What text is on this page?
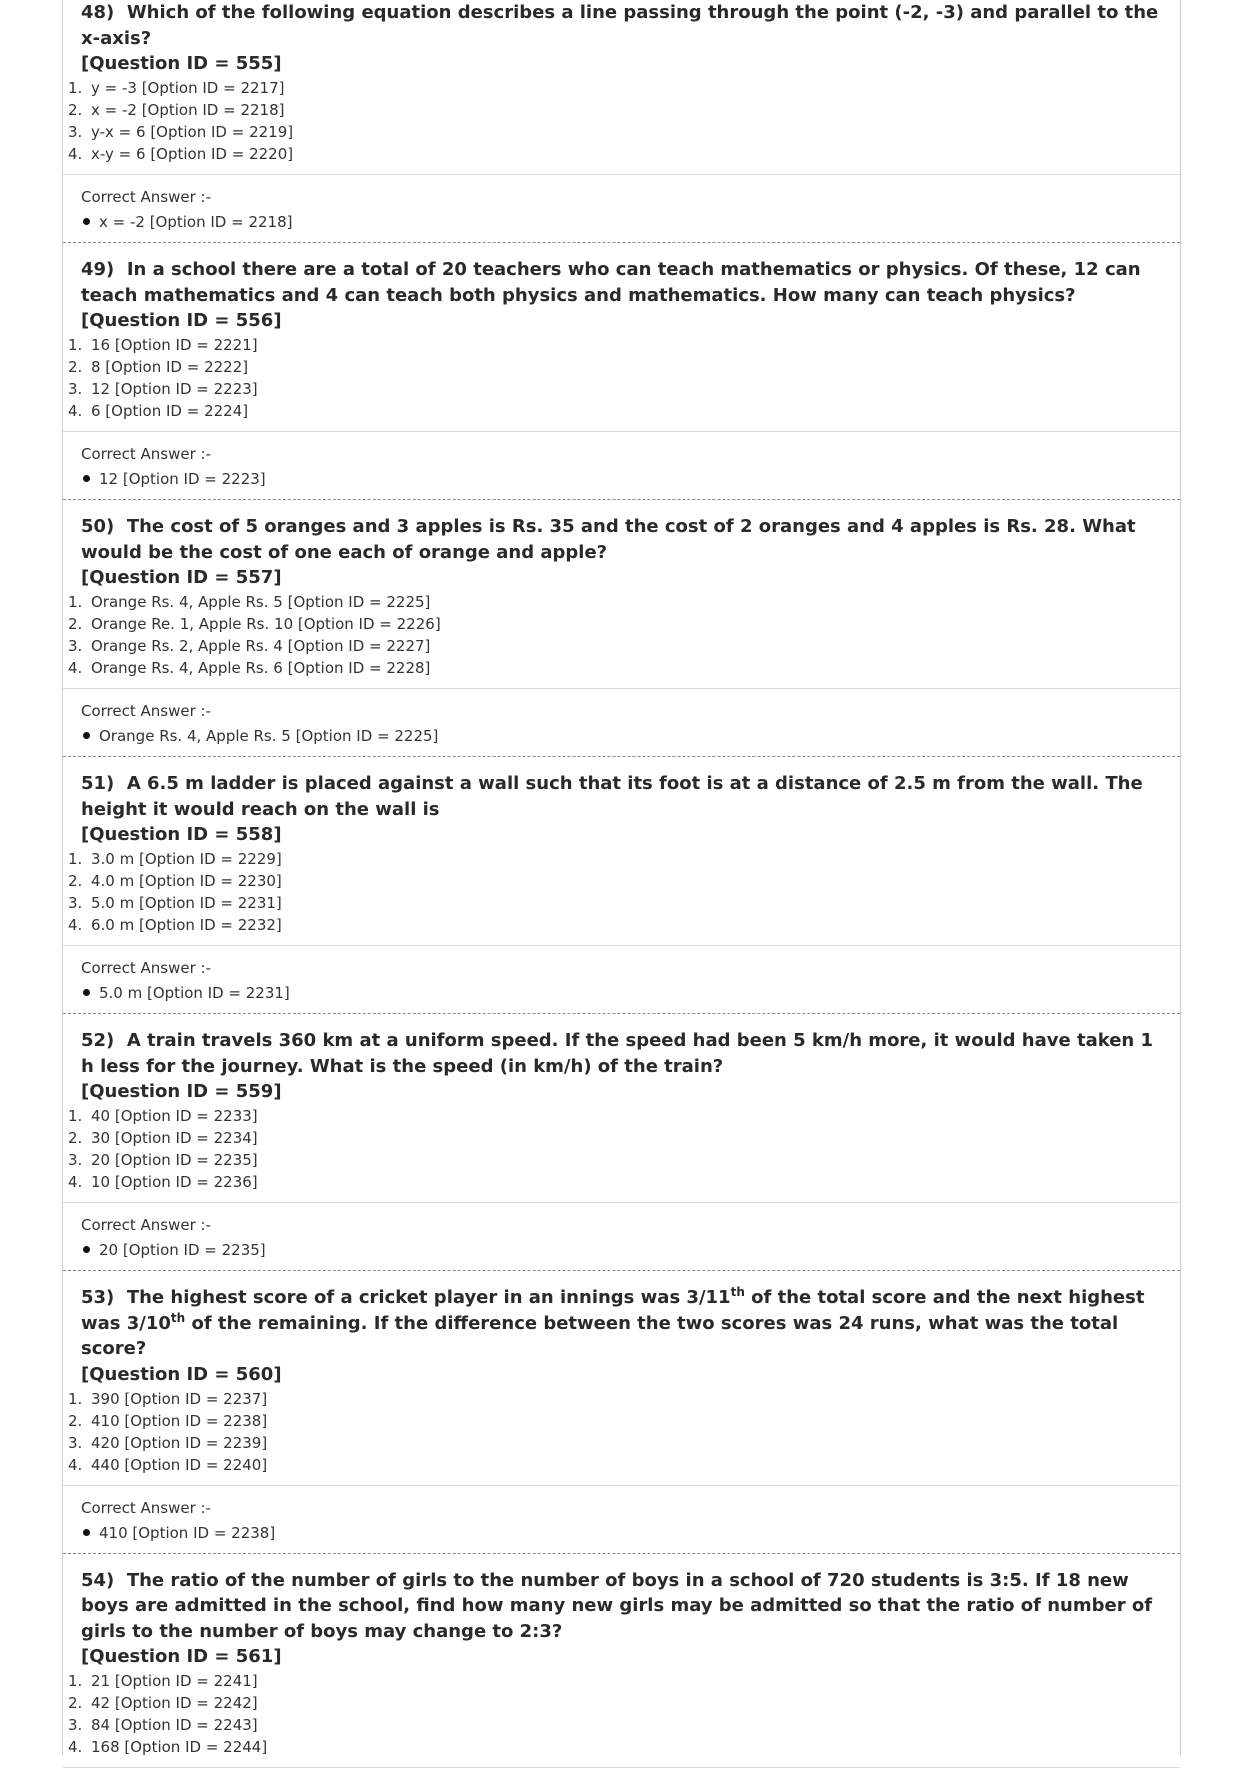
48) Which of the following equation describes a line passing through the point (-2, -3) and parallel to the x-axis?
[Question ID = 555]
1. y = -3 [Option ID = 2217]
2. x = -2 [Option ID = 2218]
3. y-x = 6 [Option ID = 2219]
4. x-y = 6 [Option ID = 2220]
Correct Answer :-
x = -2 [Option ID = 2218]
49) In a school there are a total of 20 teachers who can teach mathematics or physics. Of these, 12 can teach mathematics and 4 can teach both physics and mathematics. How many can teach physics?
[Question ID = 556]
1. 16 [Option ID = 2221]
2. 8 [Option ID = 2222]
3. 12 [Option ID = 2223]
4. 6 [Option ID = 2224]
Correct Answer :-
12 [Option ID = 2223]
50) The cost of 5 oranges and 3 apples is Rs. 35 and the cost of 2 oranges and 4 apples is Rs. 28. What would be the cost of one each of orange and apple?
[Question ID = 557]
1. Orange Rs. 4, Apple Rs. 5 [Option ID = 2225]
2. Orange Re. 1, Apple Rs. 10 [Option ID = 2226]
3. Orange Rs. 2, Apple Rs. 4 [Option ID = 2227]
4. Orange Rs. 4, Apple Rs. 6 [Option ID = 2228]
Correct Answer :-
Orange Rs. 4, Apple Rs. 5 [Option ID = 2225]
51) A 6.5 m ladder is placed against a wall such that its foot is at a distance of 2.5 m from the wall. The height it would reach on the wall is
[Question ID = 558]
1. 3.0 m [Option ID = 2229]
2. 4.0 m [Option ID = 2230]
3. 5.0 m [Option ID = 2231]
4. 6.0 m [Option ID = 2232]
Correct Answer :-
5.0 m [Option ID = 2231]
52) A train travels 360 km at a uniform speed. If the speed had been 5 km/h more, it would have taken 1 h less for the journey. What is the speed (in km/h) of the train?
[Question ID = 559]
1. 40 [Option ID = 2233]
2. 30 [Option ID = 2234]
3. 20 [Option ID = 2235]
4. 10 [Option ID = 2236]
Correct Answer :-
20 [Option ID = 2235]
53) The highest score of a cricket player in an innings was 3/11th of the total score and the next highest was 3/10th of the remaining. If the difference between the two scores was 24 runs, what was the total score?
[Question ID = 560]
1. 390 [Option ID = 2237]
2. 410 [Option ID = 2238]
3. 420 [Option ID = 2239]
4. 440 [Option ID = 2240]
Correct Answer :-
410 [Option ID = 2238]
54) The ratio of the number of girls to the number of boys in a school of 720 students is 3:5. If 18 new boys are admitted in the school, find how many new girls may be admitted so that the ratio of number of girls to the number of boys may change to 2:3?
[Question ID = 561]
1. 21 [Option ID = 2241]
2. 42 [Option ID = 2242]
3. 84 [Option ID = 2243]
4. 168 [Option ID = 2244]
